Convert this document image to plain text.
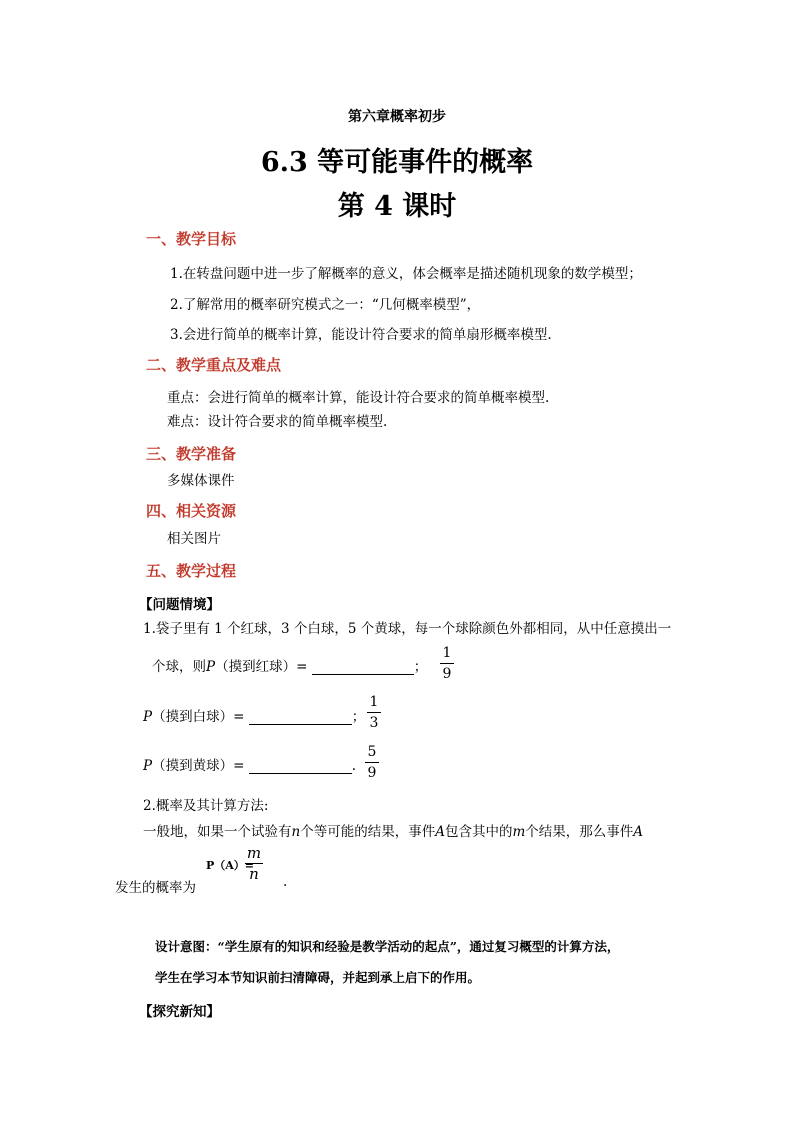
第六章概率初步
6.3 等可能事件的概率
第 4 课时
一、教学目标
1.在转盘问题中进一步了解概率的意义，体会概率是描述随机现象的数学模型；
2.了解常用的概率研究模式之一：“几何概率模型”，
3.会进行简单的概率计算，能设计符合要求的简单扇形概率模型.
二、教学重点及难点
重点：会进行简单的概率计算，能设计符合要求的简单概率模型.
难点：设计符合要求的简单概率模型.
三、教学准备
多媒体课件
四、相关资源
相关图片
五、教学过程
【问题情境】
1.袋子里有 1 个红球，3 个白球，5 个黄球，每一个球除颜色外都相同，从中任意摸出一
个球，则P（摸到红球）=	；
1
9
P（摸到白球）=	；
1
3
P（摸到黄球）=	.
5
9
2.概率及其计算方法:
一般地，如果一个试验有n个等可能的结果，事件A包含其中的m个结果，那么事件A
发生的概率为
P（A）=
m
n	.
设计意图：“学生原有的知识和经验是教学活动的起点”，通过复习概型的计算方法，
学生在学习本节知识前扫清障碍，并起到承上启下的作用。
【探究新知】
